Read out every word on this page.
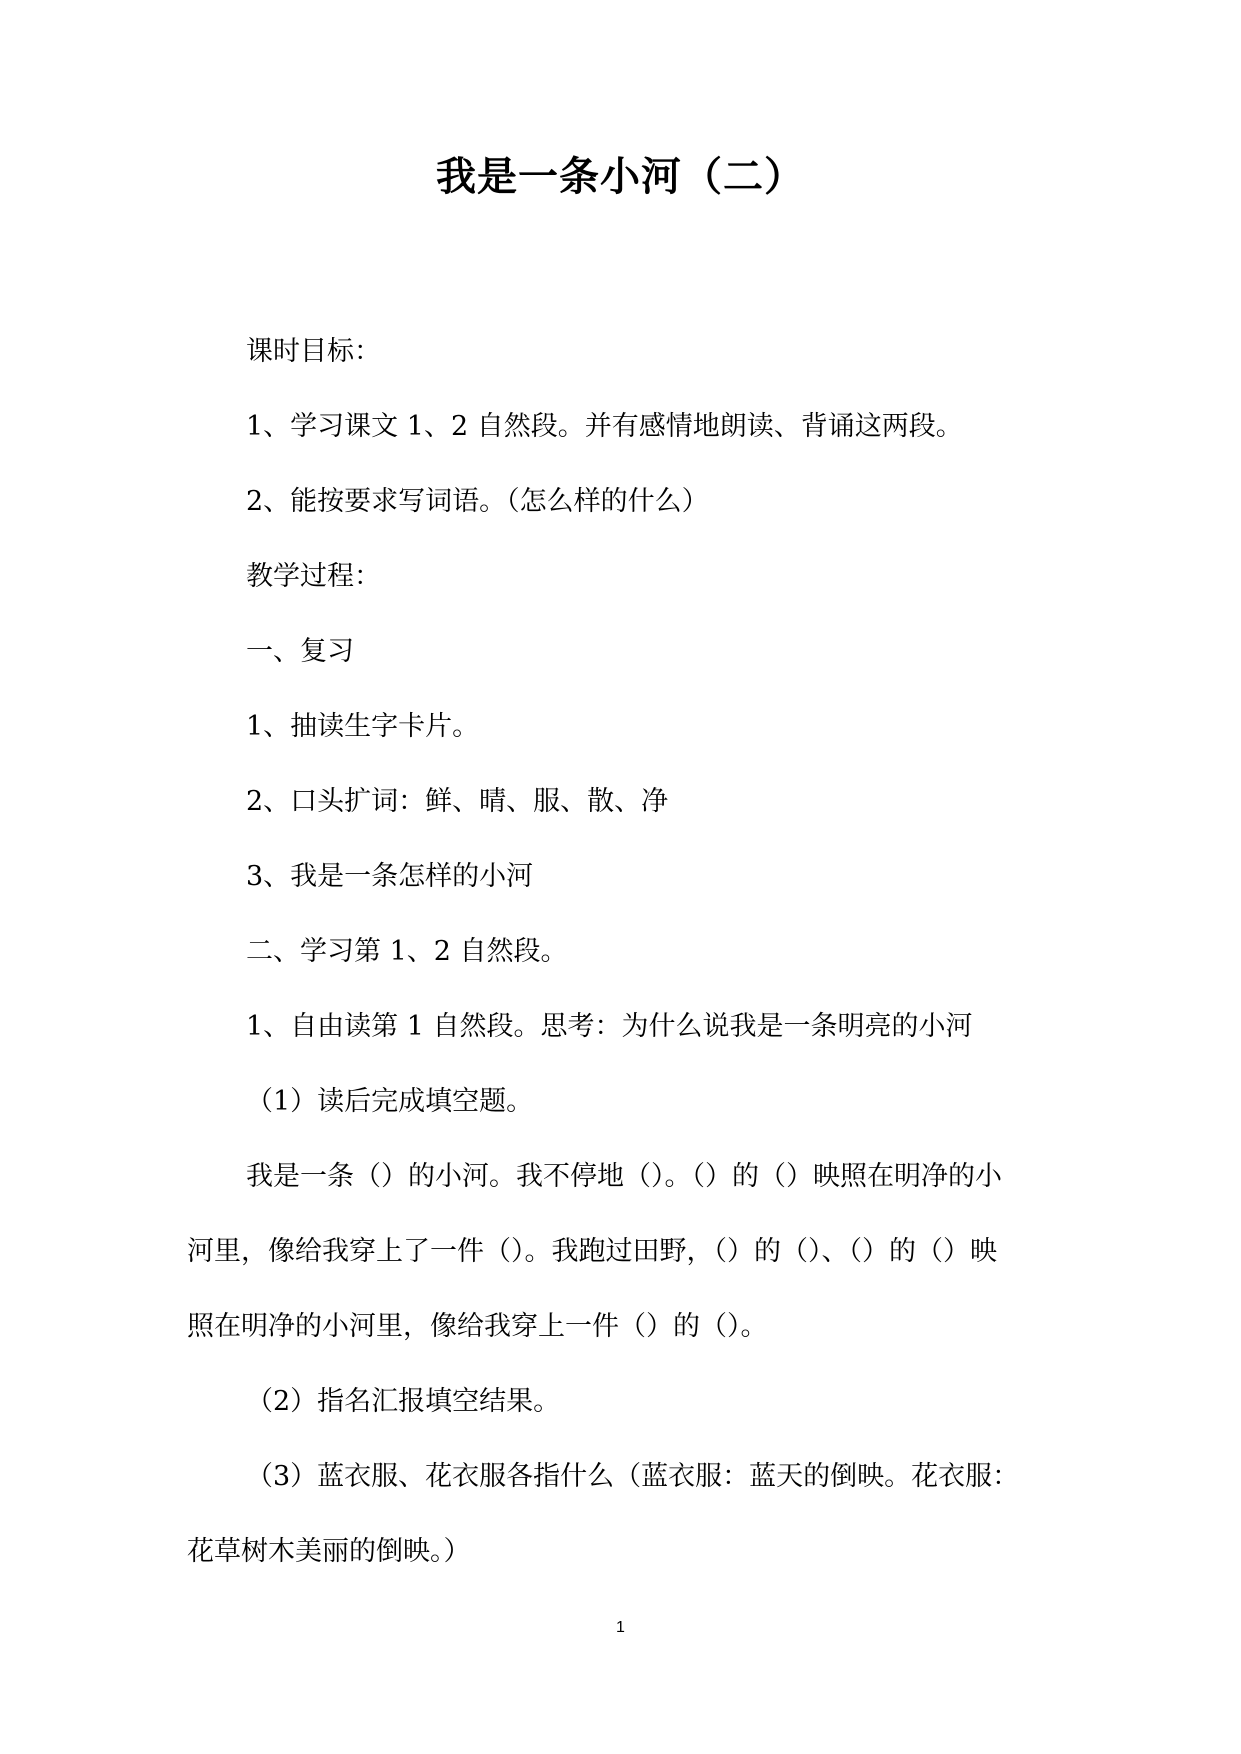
我是一条小河（二）
课时目标：
1、学习课文 1、2 自然段。并有感情地朗读、背诵这两段。
2、能按要求写词语。（怎么样的什么）
教学过程：
一、复习
1、抽读生字卡片。
2、口头扩词：鲜、晴、服、散、净
3、我是一条怎样的小河
二、学习第 1、2 自然段。
1、自由读第 1 自然段。思考：为什么说我是一条明亮的小河
（1）读后完成填空题。
我是一条（）的小河。我不停地（）。（）的（）映照在明净的小
河里，像给我穿上了一件（）。我跑过田野，（）的（）、（）的（）映
照在明净的小河里，像给我穿上一件（）的（）。
（2）指名汇报填空结果。
（3）蓝衣服、花衣服各指什么（蓝衣服：蓝天的倒映。花衣服：
花草树木美丽的倒映。）
1
